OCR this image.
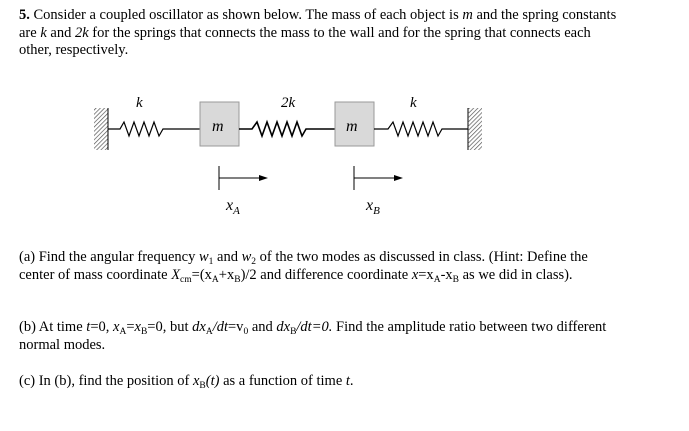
5. Consider a coupled oscillator as shown below. The mass of each object is m and the spring constants are k and 2k for the springs that connects the mass to the wall and for the spring that connects each other, respectively.

k
m
2k
m
k
$x_A$	$x_B$

(a) Find the angular frequency $w_1$ and $w_2$ of the two modes as discussed in class. (Hint: Define the center of mass coordinate $X_{cm}=(x_A+x_B)/2$ and difference coordinate $x=x_A-x_B$ as we did in class).

(b) At time t=0, $x_A=x_B=0$, but $dx_A/dt=v_0$ and $dx_B/dt=0$. Find the amplitude ratio between two different normal modes.

(c) In (b), find the position of $x_B(t)$ as a function of time t.
